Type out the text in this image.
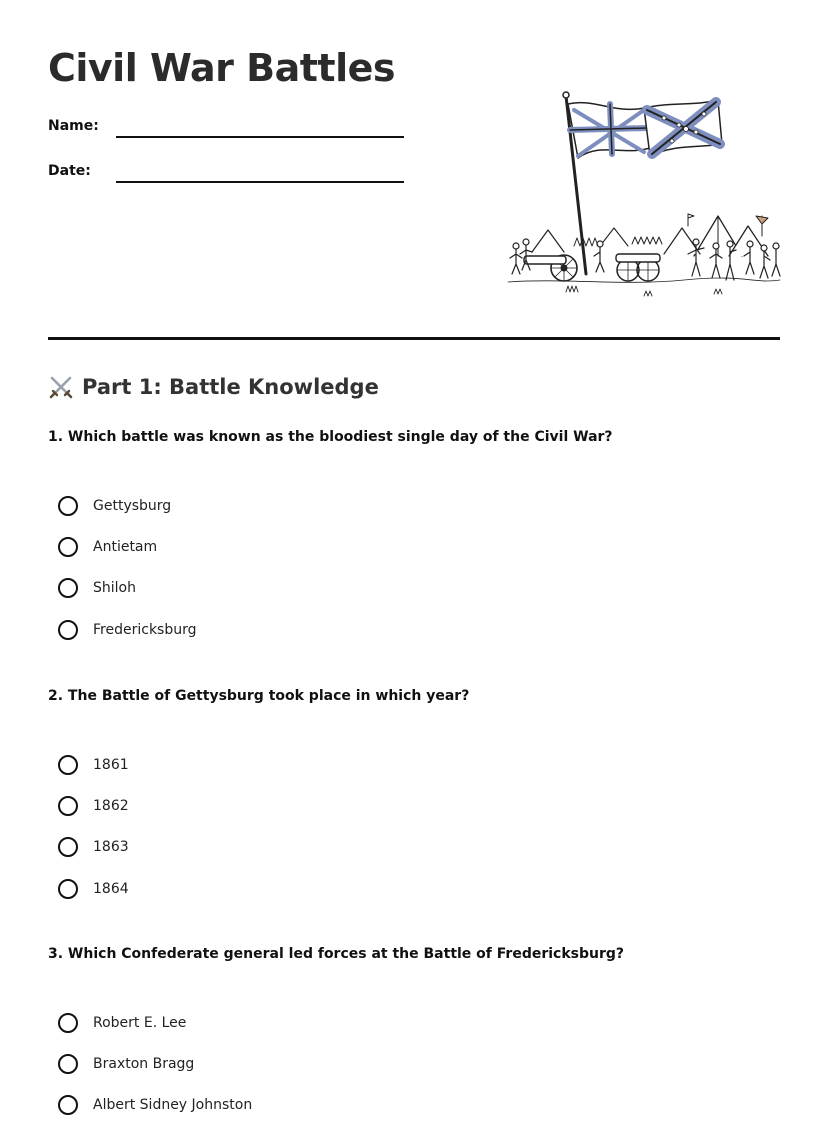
Civil War Battles
Name:
Date:
Part 1: Battle Knowledge

1. Which battle was known as the bloodiest single day of the Civil War?

Gettysburg
Antietam
Shiloh
Fredericksburg

2. The Battle of Gettysburg took place in which year?

1861
1862
1863
1864

3. Which Confederate general led forces at the Battle of Fredericksburg?

Robert E. Lee
Braxton Bragg
Albert Sidney Johnston
